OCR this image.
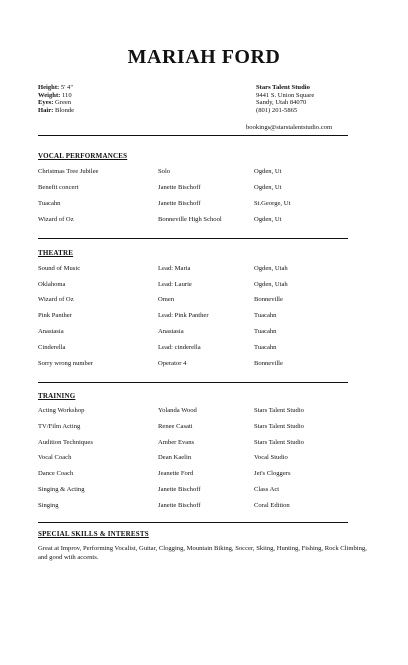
MARIAH FORD
Height: 5' 4"
Weight: 110
Eyes: Green
Hair: Blonde
Stars Talent Studio
9441 S. Union Square
Sandy, Utah 84070
(801) 201-5865
bookings@starstalentstudio.com
VOCAL PERFORMANCES
Christmas Tree Jubilee	Solo	Ogden, Ut
Benefit concert	Janette Bischoff	Ogden, Ut
Tuacahn	Janette Bischoff	St.George, Ut
Wizard of Oz	Bonneville High School	Ogden, Ut
THEATRE
Sound of Music	Lead: Maria	Ogden, Utah
Oklahoma	Lead: Laurie	Ogden, Utah
Wizard of Oz	Omen	Bonneville
Pink Panther	Lead: Pink Panther	Tuacahn
Anastasia	Anastasia	Tuacahn
Cinderella	Lead: cinderella	Tuacahn
Sorry wrong number	Operator 4	Bonneville
TRAINING
Acting Workshop	Yolanda Wood	Stars Talent Studio
TV/Film Acting	Renee Casati	Stars Talent Studio
Audition Techniques	Amber Evans	Stars Talent Studio
Vocal Coach	Dean Kaelin	Vocal Studio
Dance Coach	Jeanette Ford	Jet's Cloggers
Singing & Acting	Janette Bischoff	Class Act
Singing	Janette Bischoff	Coral Edition
SPECIAL SKILLS & INTERESTS
Great at Improv, Performing Vocalist, Guitar, Clogging, Mountain Biking, Soccer, Skiing, Hunting, Fishing, Rock Climbing, and good with accents.
